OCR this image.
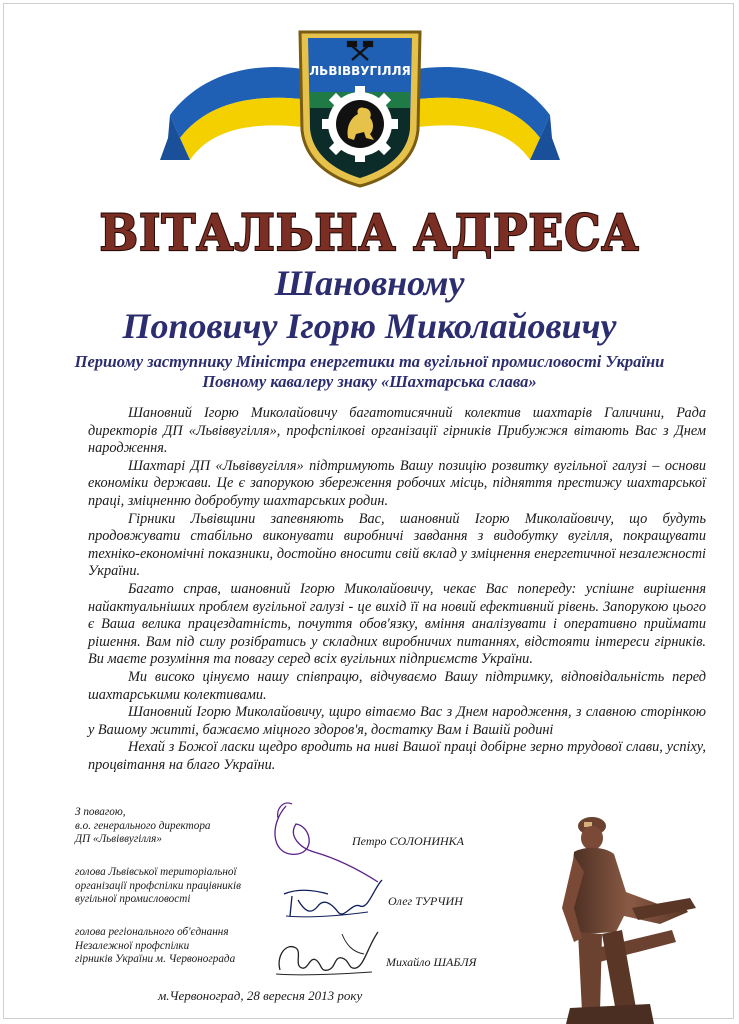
ЛЬВІВВУГІЛЛЯ
ВІТАЛЬНА АДРЕСА
Шановному
Поповичу Ігорю Миколайовичу
Першому заступнику Міністра енергетики та вугільної промисловості України
Повному кавалеру знаку «Шахтарська слава»

Шановний Ігорю Миколайовичу багатотисячний колектив шахтарів Галичини, Рада директорів ДП «Львіввугілля», профспілкові організації гірників Прибужжя вітають Вас з Днем народження.

Шахтарі ДП «Львіввугілля» підтримують Вашу позицію розвитку вугільної галузі – основи економіки держави. Це є запорукою збереження робочих місць, підняття престижу шахтарської праці, зміцненню добробуту шахтарських родин.

Гірники Львівщини запевняють Вас, шановний Ігорю Миколайовичу, що будуть продовжувати стабільно виконувати виробничі завдання з видобутку вугілля, покращувати техніко-економічні показники, достойно вносити свій вклад у зміцнення енергетичної незалежності України.

Багато справ, шановний Ігорю Миколайовичу, чекає Вас попереду: успішне вирішення найактуальніших проблем вугільної галузі - це вихід її на новий ефективний рівень. Запорукою цього є Ваша велика працездатність, почуття обов'язку, вміння аналізувати і оперативно приймати рішення. Вам під силу розібратись у складних виробничих питаннях, відстояти інтереси гірників. Ви маєте розуміння та повагу серед всіх вугільних підприємств України.

Ми високо цінуємо нашу співпрацю, відчуваємо Вашу підтримку, відповідальність перед шахтарськими колективами.

Шановний Ігорю Миколайовичу, щиро вітаємо Вас з Днем народження, з славною сторінкою у Вашому житті, бажаємо міцного здоров'я, достатку Вам і Вашій родині

Нехай з Божої ласки щедро вродить на ниві Вашої праці добірне зерно трудової слави, успіху, процвітання на благо України.

З повагою,
в.о. генерального директора
ДП «Львіввугілля»	Петро СОЛОНИНКА
голова Львівської територіальної
організації профспілки працівників
вугільної промисловості	Олег ТУРЧИН
голова регіонального об'єднання
Незалежної профспілки
гірників України м. Червонограда	Михайло ШАБЛЯ
м.Червоноград, 28 вересня 2013 року
